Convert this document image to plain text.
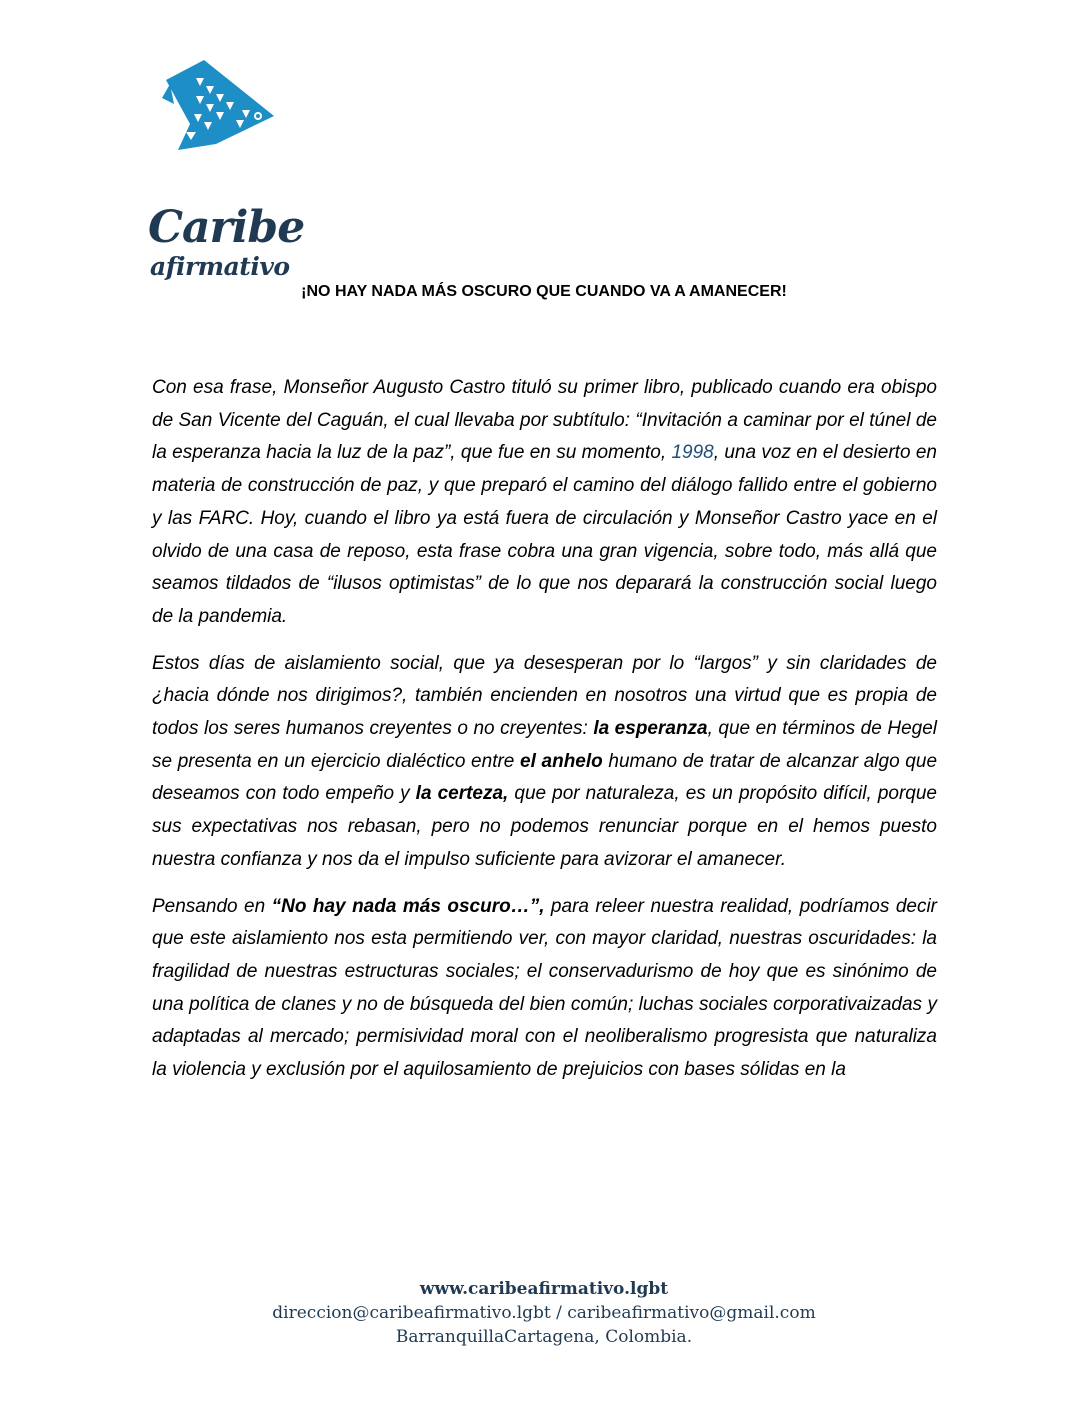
Caribe
afirmativo
¡NO HAY NADA MÁS OSCURO QUE CUANDO VA A AMANECER!

Con esa frase, Monseñor Augusto Castro tituló su primer libro, publicado cuando era obispo de San Vicente del Caguán, el cual llevaba por subtítulo: “Invitación a caminar por el túnel de la esperanza hacia la luz de la paz”, que fue en su momento, 1998, una voz en el desierto en materia de construcción de paz, y que preparó el camino del diálogo fallido entre el gobierno y las FARC. Hoy, cuando el libro ya está fuera de circulación y Monseñor Castro yace en el olvido de una casa de reposo, esta frase cobra una gran vigencia, sobre todo, más allá que seamos tildados de “ilusos optimistas” de lo que nos deparará la construcción social luego de la pandemia.

Estos días de aislamiento social, que ya desesperan por lo “largos” y sin claridades de ¿hacia dónde nos dirigimos?, también encienden en nosotros una virtud que es propia de todos los seres humanos creyentes o no creyentes: la esperanza, que en términos de Hegel se presenta en un ejercicio dialéctico entre el anhelo humano de tratar de alcanzar algo que deseamos con todo empeño y la certeza, que por naturaleza, es un propósito difícil, porque sus expectativas nos rebasan, pero no podemos renunciar porque en el hemos puesto nuestra confianza y nos da el impulso suficiente para avizorar el amanecer.

Pensando en “No hay nada más oscuro…”, para releer nuestra realidad, podríamos decir que este aislamiento nos esta permitiendo ver, con mayor claridad, nuestras oscuridades: la fragilidad de nuestras estructuras sociales; el conservadurismo de hoy que es sinónimo de una política de clanes y no de búsqueda del bien común; luchas sociales corporativaizadas y adaptadas al mercado; permisividad moral con el neoliberalismo progresista que naturaliza la violencia y exclusión por el aquilosamiento de prejuicios con bases sólidas en la

www.caribeafirmativo.lgbt
direccion@caribeafirmativo.lgbt / caribeafirmativo@gmail.com
BarranquillaCartagena, Colombia.
